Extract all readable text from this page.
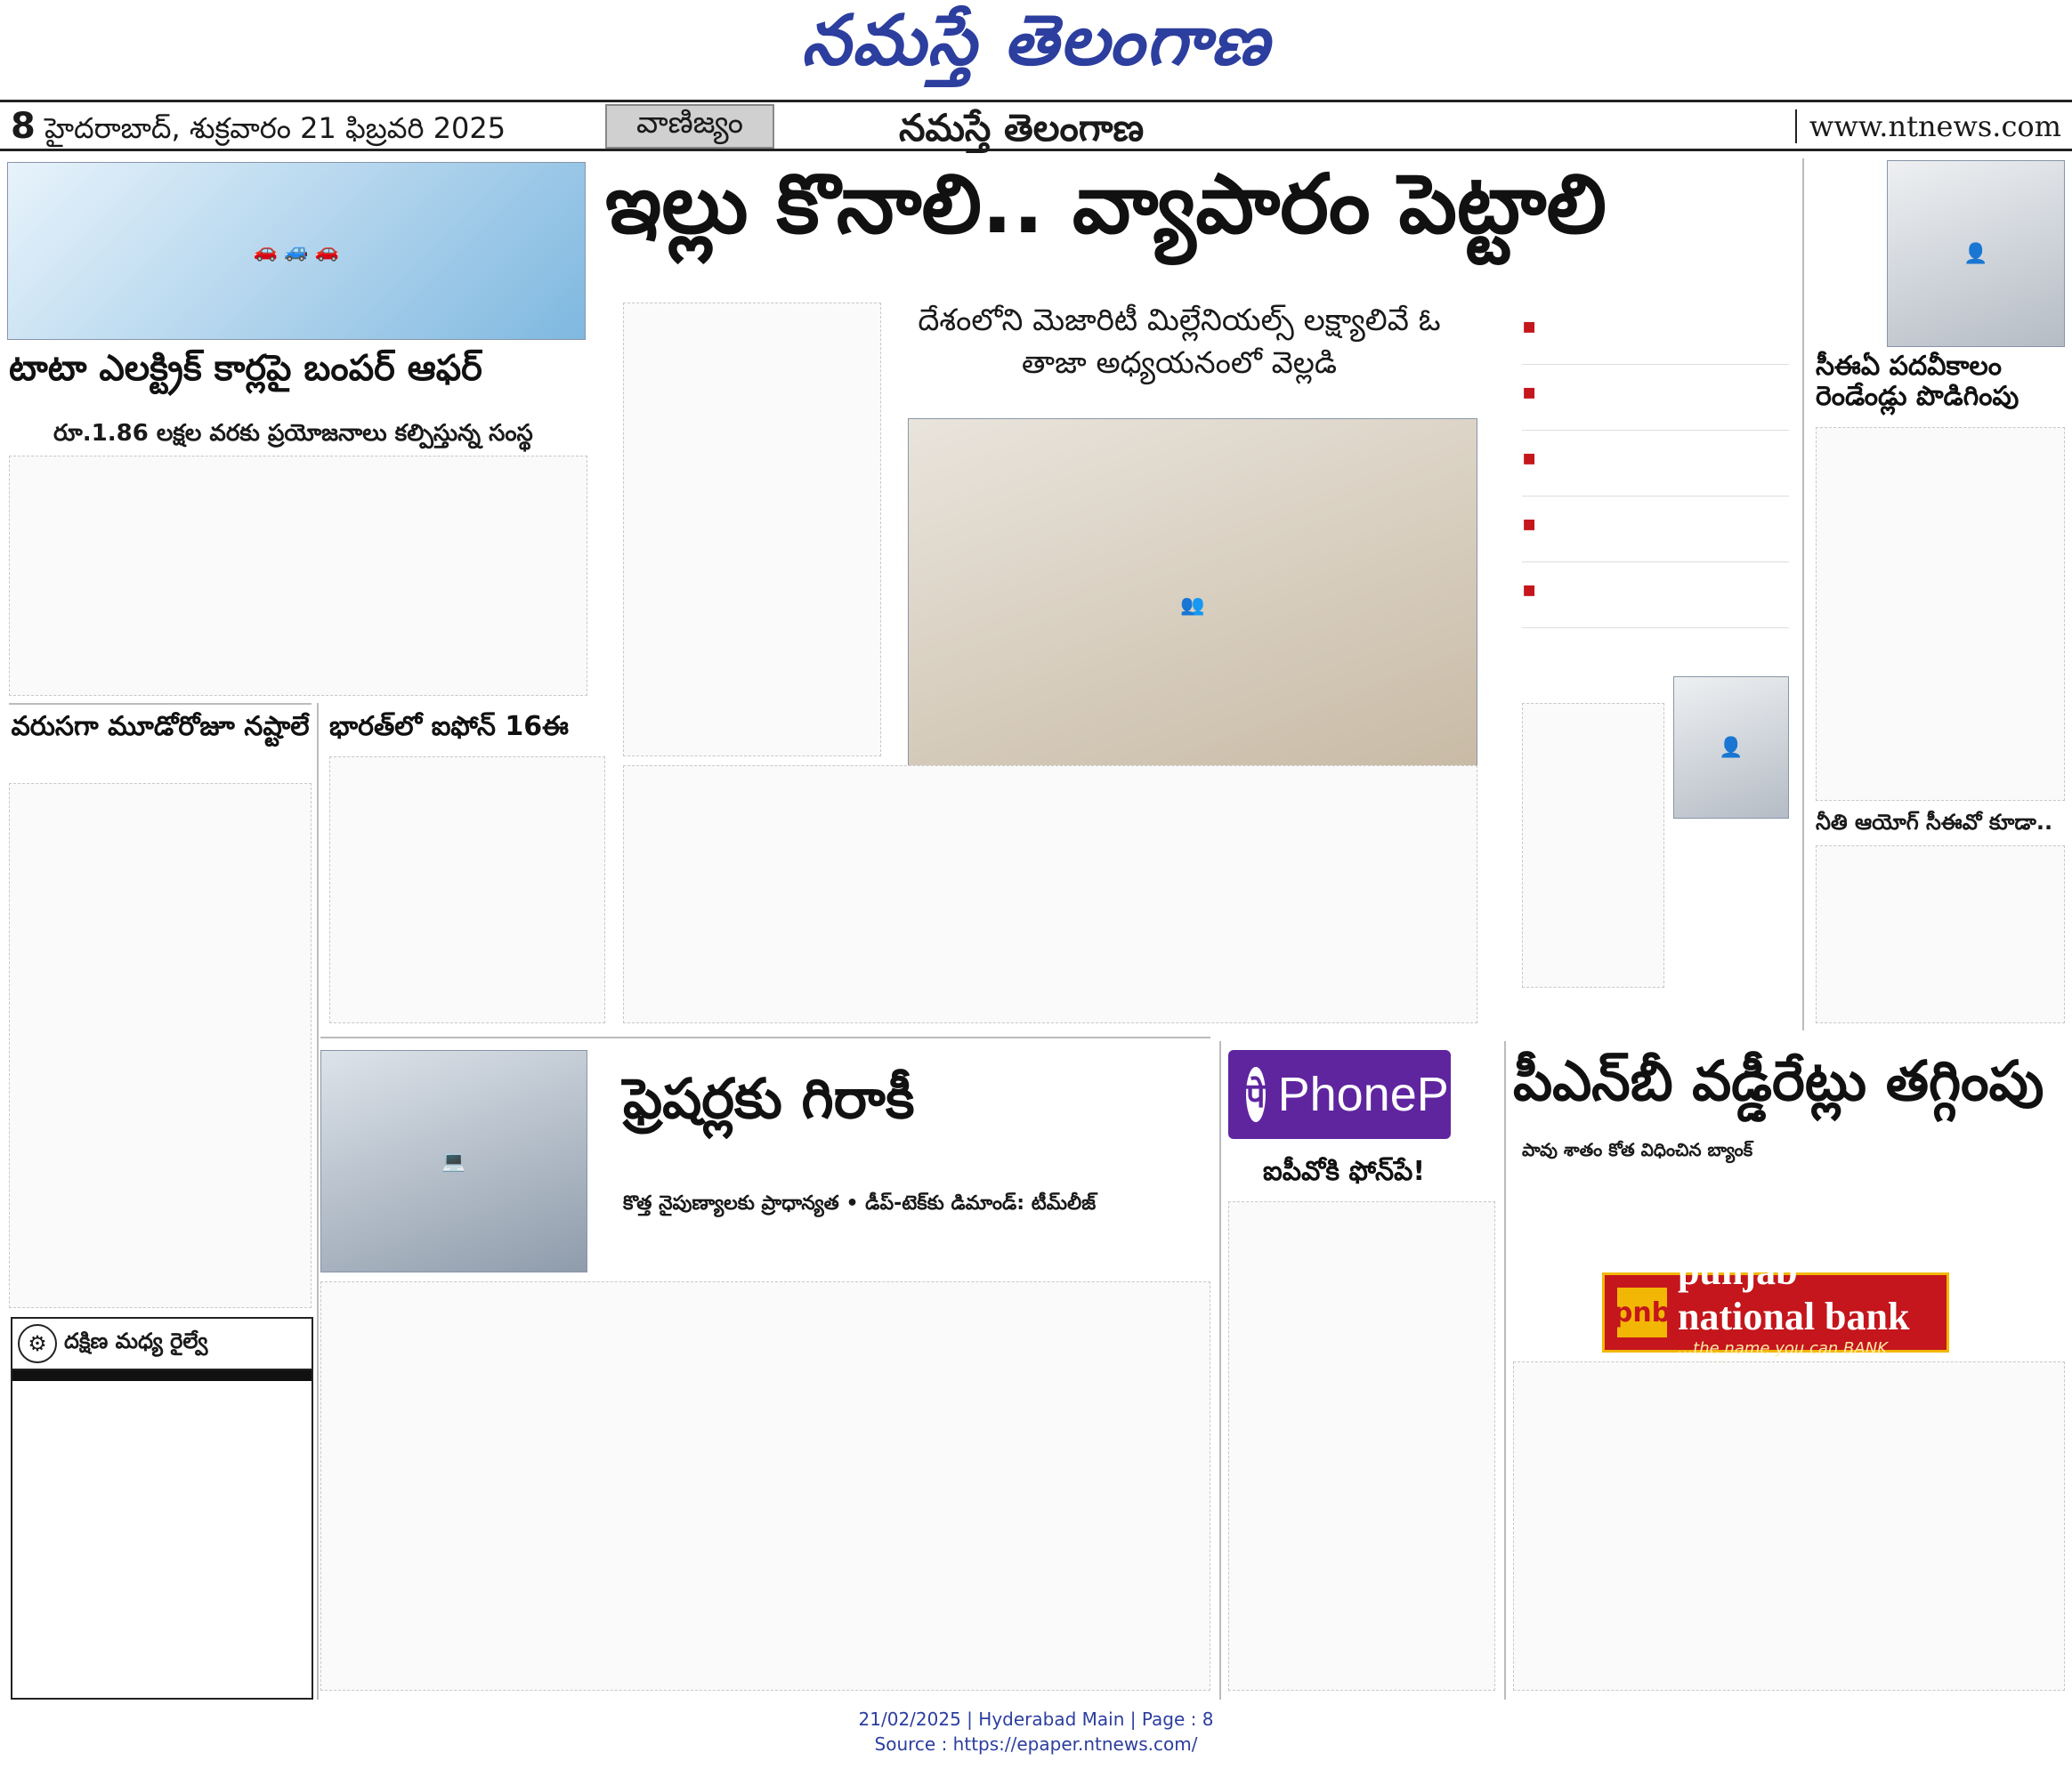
నమస్తే తెలంగాణ
8 హైదరాబాద్, శుక్రవారం 21 ఫిబ్రవరి 2025	వాణిజ్యం	నమస్తే తెలంగాణ	www.ntnews.com
🚗 🚙 🚗
టాటా ఎలక్ట్రిక్ కార్లపై బంపర్ ఆఫర్
రూ.1.86 లక్షల వరకు ప్రయోజనాలు కల్పిస్తున్న సంస్థ
వరుసగా మూడోరోజూ నష్టాలే
⚙ దక్షిణ మధ్య రైల్వే
ఇల్లు కొనాలి.. వ్యాపారం పెట్టాలి
దేశంలోని మెజారిటీ మిల్లేనియల్స్ లక్ష్యాలివే ఓ తాజా అధ్యయనంలో వెల్లడి
👥
▪
▪
▪
▪
▪
👤
భారత్‌లో ఐఫోన్ 16ఈ
👤
సీఈఏ పదవీకాలం రెండేండ్లు పొడిగింపు
నీతి ఆయోగ్ సీఈవో కూడా..
💻
ఫ్రెషర్లకు గిరాకీ
కొత్త నైపుణ్యాలకు ప్రాధాన్యత • డీప్-టెక్‌కు డిమాండ్: టీమ్‌లీజ్
पे PhonePe
ఐపీవోకి ఫోన్‌పే!
పీఎన్‌బీ వడ్డీరేట్లు తగ్గింపు
పావు శాతం కోత విధించిన బ్యాంక్
pnb
punjab national bank
...the name you can BANK
21/02/2025 | Hyderabad Main | Page : 8
Source : https://epaper.ntnews.com/
